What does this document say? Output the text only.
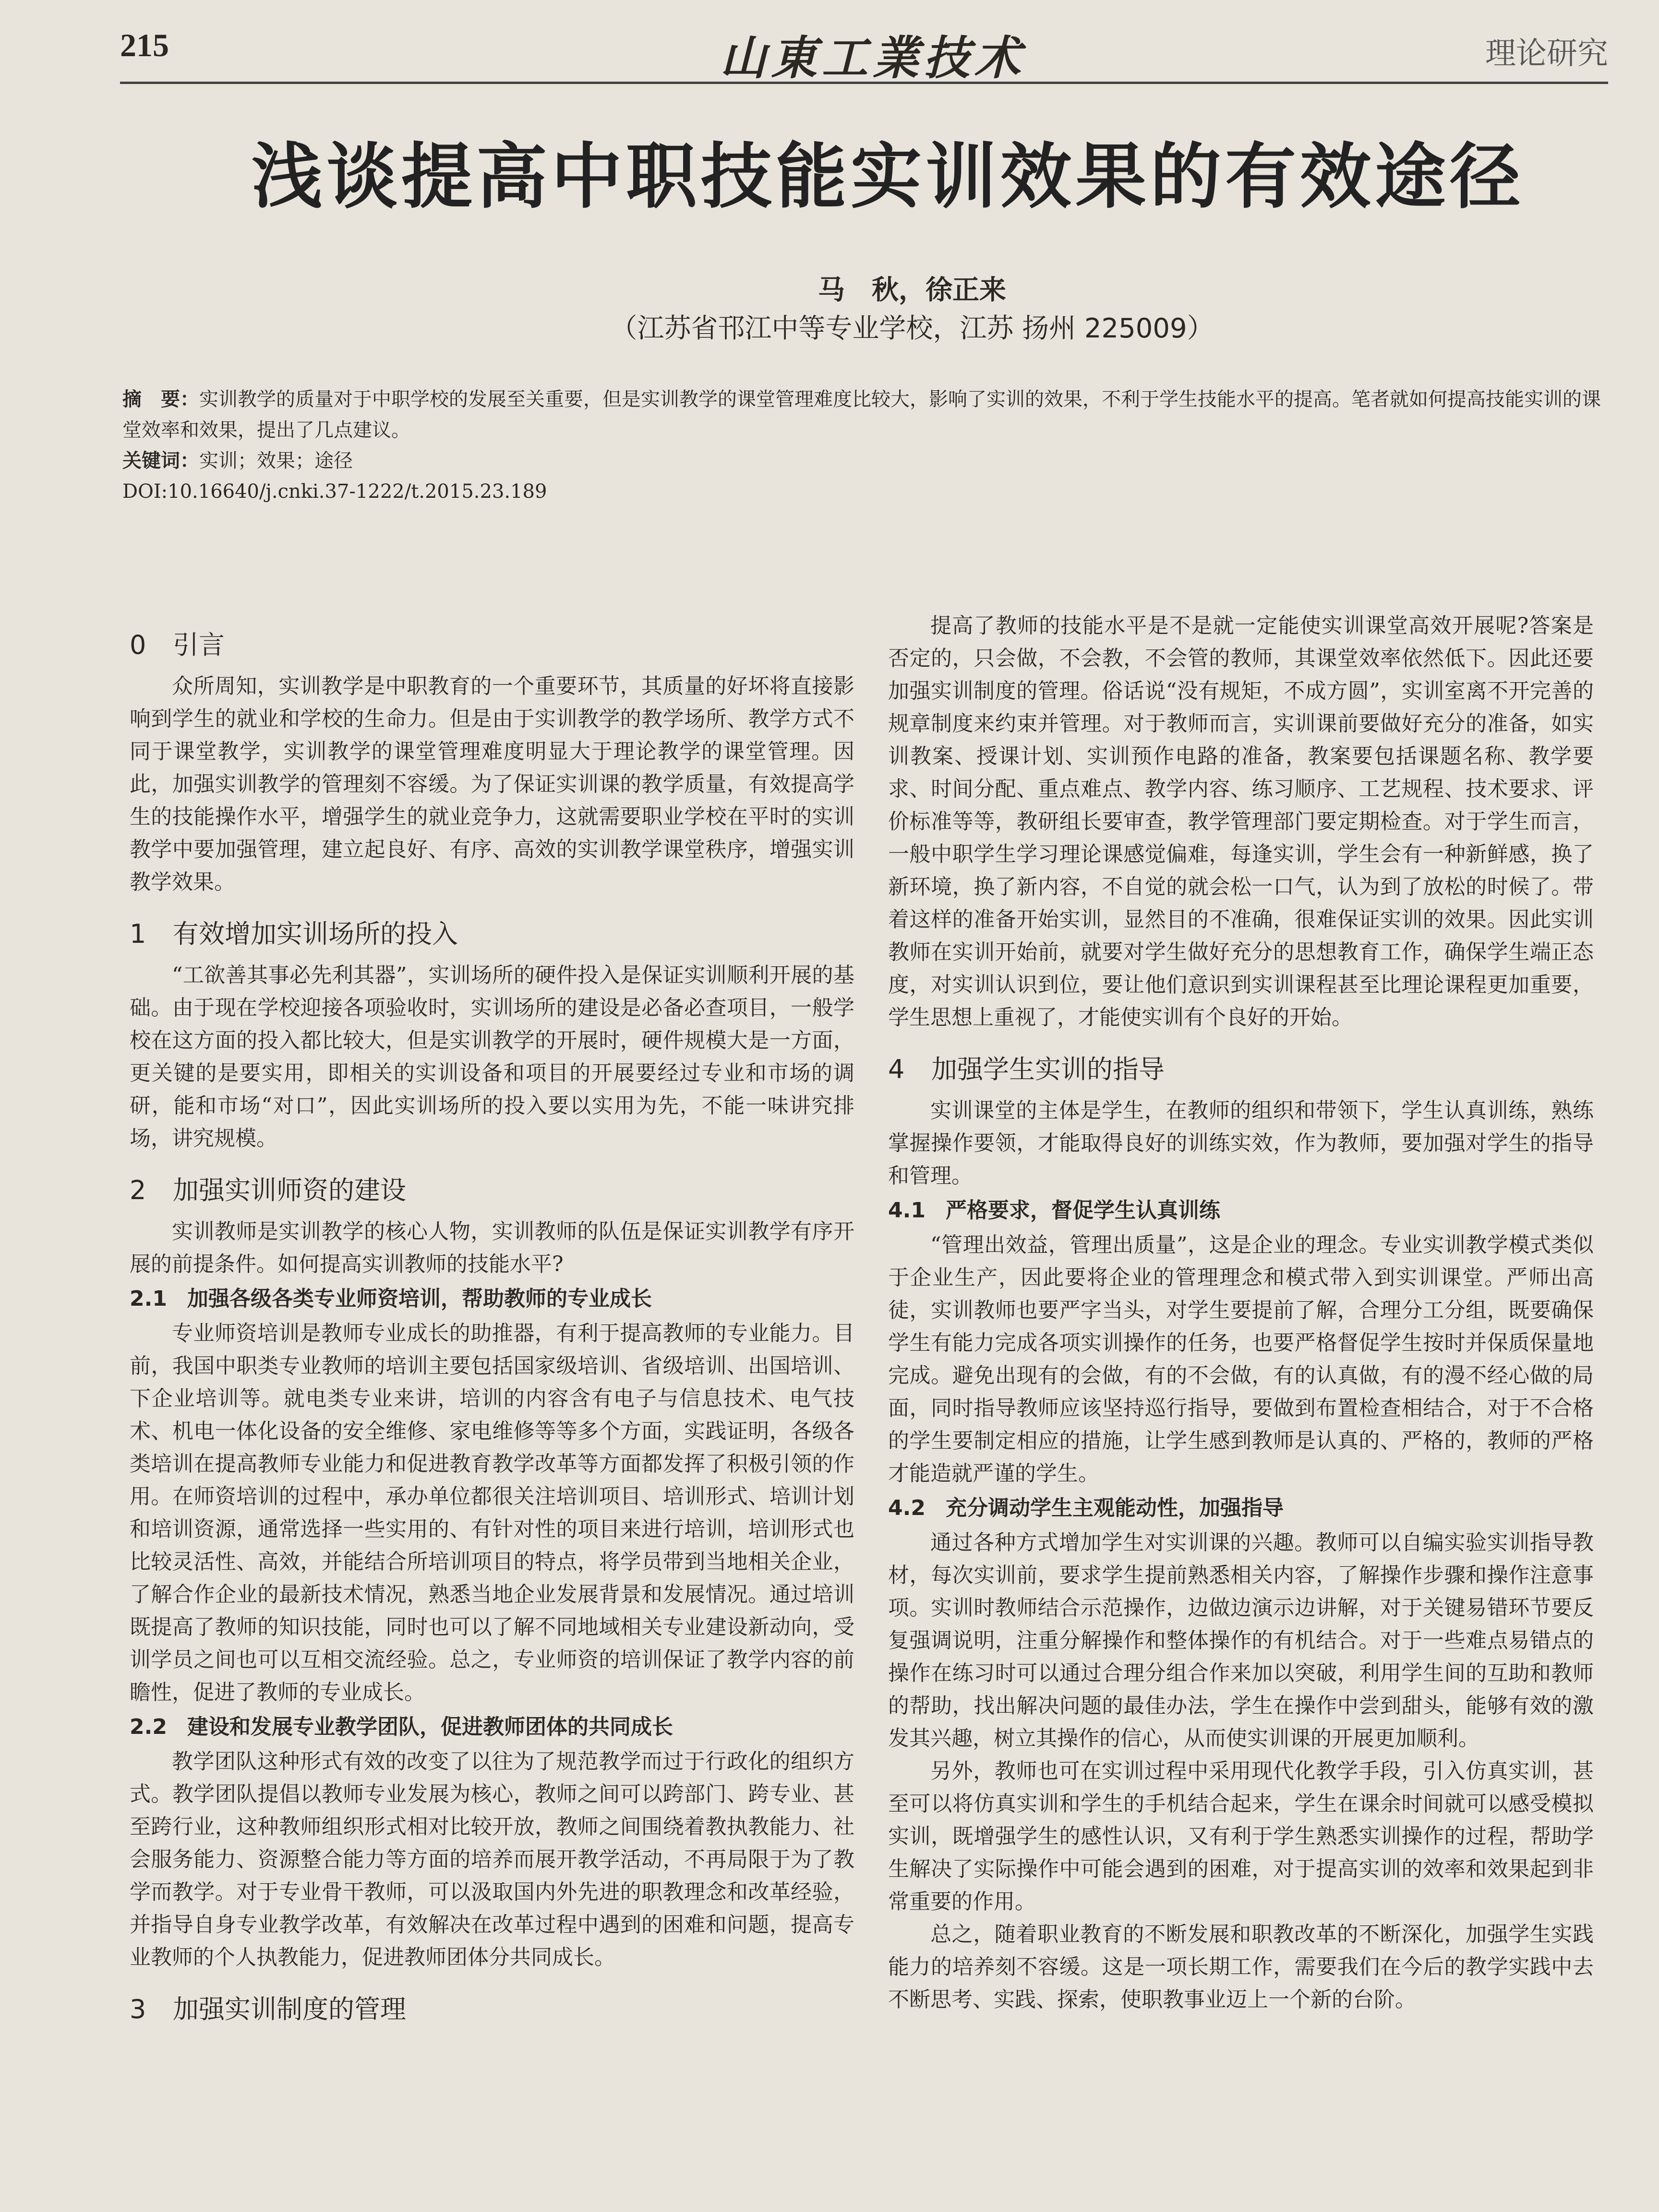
215	山東工業技术	理论研究
浅谈提高中职技能实训效果的有效途径
马　秋，徐正来
（江苏省邗江中等专业学校，江苏 扬州 225009）

摘　要：实训教学的质量对于中职学校的发展至关重要，但是实训教学的课堂管理难度比较大，影响了实训的效果，不利于学生技能水平的提高。笔者就如何提高技能实训的课堂效率和效果，提出了几点建议。

关键词：实训；效果；途径

DOI:10.16640/j.cnki.37-1222/t.2015.23.189

0 引言

众所周知，实训教学是中职教育的一个重要环节，其质量的好坏将直接影响到学生的就业和学校的生命力。但是由于实训教学的教学场所、教学方式不同于课堂教学，实训教学的课堂管理难度明显大于理论教学的课堂管理。因此，加强实训教学的管理刻不容缓。为了保证实训课的教学质量，有效提高学生的技能操作水平，增强学生的就业竞争力，这就需要职业学校在平时的实训教学中要加强管理，建立起良好、有序、高效的实训教学课堂秩序，增强实训教学效果。

1 有效增加实训场所的投入

“工欲善其事必先利其器”，实训场所的硬件投入是保证实训顺利开展的基础。由于现在学校迎接各项验收时，实训场所的建设是必备必查项目，一般学校在这方面的投入都比较大，但是实训教学的开展时，硬件规模大是一方面，更关键的是要实用，即相关的实训设备和项目的开展要经过专业和市场的调研，能和市场“对口”，因此实训场所的投入要以实用为先，不能一味讲究排场，讲究规模。

2 加强实训师资的建设

实训教师是实训教学的核心人物，实训教师的队伍是保证实训教学有序开展的前提条件。如何提高实训教师的技能水平?

2.1 加强各级各类专业师资培训，帮助教师的专业成长

专业师资培训是教师专业成长的助推器，有利于提高教师的专业能力。目前，我国中职类专业教师的培训主要包括国家级培训、省级培训、出国培训、下企业培训等。就电类专业来讲，培训的内容含有电子与信息技术、电气技术、机电一体化设备的安全维修、家电维修等等多个方面，实践证明，各级各类培训在提高教师专业能力和促进教育教学改革等方面都发挥了积极引领的作用。在师资培训的过程中，承办单位都很关注培训项目、培训形式、培训计划和培训资源，通常选择一些实用的、有针对性的项目来进行培训，培训形式也比较灵活性、高效，并能结合所培训项目的特点，将学员带到当地相关企业，了解合作企业的最新技术情况，熟悉当地企业发展背景和发展情况。通过培训既提高了教师的知识技能，同时也可以了解不同地域相关专业建设新动向，受训学员之间也可以互相交流经验。总之，专业师资的培训保证了教学内容的前瞻性，促进了教师的专业成长。

2.2 建设和发展专业教学团队，促进教师团体的共同成长

教学团队这种形式有效的改变了以往为了规范教学而过于行政化的组织方式。教学团队提倡以教师专业发展为核心，教师之间可以跨部门、跨专业、甚至跨行业，这种教师组织形式相对比较开放，教师之间围绕着教执教能力、社会服务能力、资源整合能力等方面的培养而展开教学活动，不再局限于为了教学而教学。对于专业骨干教师，可以汲取国内外先进的职教理念和改革经验，并指导自身专业教学改革，有效解决在改革过程中遇到的困难和问题，提高专业教师的个人执教能力，促进教师团体分共同成长。

3 加强实训制度的管理

提高了教师的技能水平是不是就一定能使实训课堂高效开展呢?答案是否定的，只会做，不会教，不会管的教师，其课堂效率依然低下。因此还要加强实训制度的管理。俗话说“没有规矩，不成方圆”，实训室离不开完善的规章制度来约束并管理。对于教师而言，实训课前要做好充分的准备，如实训教案、授课计划、实训预作电路的准备，教案要包括课题名称、教学要求、时间分配、重点难点、教学内容、练习顺序、工艺规程、技术要求、评价标准等等，教研组长要审查，教学管理部门要定期检查。对于学生而言，一般中职学生学习理论课感觉偏难，每逢实训，学生会有一种新鲜感，换了新环境，换了新内容，不自觉的就会松一口气，认为到了放松的时候了。带着这样的准备开始实训，显然目的不准确，很难保证实训的效果。因此实训教师在实训开始前，就要对学生做好充分的思想教育工作，确保学生端正态度，对实训认识到位，要让他们意识到实训课程甚至比理论课程更加重要，学生思想上重视了，才能使实训有个良好的开始。

4 加强学生实训的指导

实训课堂的主体是学生，在教师的组织和带领下，学生认真训练，熟练掌握操作要领，才能取得良好的训练实效，作为教师，要加强对学生的指导和管理。

4.1 严格要求，督促学生认真训练

“管理出效益，管理出质量”，这是企业的理念。专业实训教学模式类似于企业生产，因此要将企业的管理理念和模式带入到实训课堂。严师出高徒，实训教师也要严字当头，对学生要提前了解，合理分工分组，既要确保学生有能力完成各项实训操作的任务，也要严格督促学生按时并保质保量地完成。避免出现有的会做，有的不会做，有的认真做，有的漫不经心做的局面，同时指导教师应该坚持巡行指导，要做到布置检查相结合，对于不合格的学生要制定相应的措施，让学生感到教师是认真的、严格的，教师的严格才能造就严谨的学生。

4.2 充分调动学生主观能动性，加强指导

通过各种方式增加学生对实训课的兴趣。教师可以自编实验实训指导教材，每次实训前，要求学生提前熟悉相关内容，了解操作步骤和操作注意事项。实训时教师结合示范操作，边做边演示边讲解，对于关键易错环节要反复强调说明，注重分解操作和整体操作的有机结合。对于一些难点易错点的操作在练习时可以通过合理分组合作来加以突破，利用学生间的互助和教师的帮助，找出解决问题的最佳办法，学生在操作中尝到甜头，能够有效的激发其兴趣，树立其操作的信心，从而使实训课的开展更加顺利。

另外，教师也可在实训过程中采用现代化教学手段，引入仿真实训，甚至可以将仿真实训和学生的手机结合起来，学生在课余时间就可以感受模拟实训，既增强学生的感性认识，又有利于学生熟悉实训操作的过程，帮助学生解决了实际操作中可能会遇到的困难，对于提高实训的效率和效果起到非常重要的作用。

总之，随着职业教育的不断发展和职教改革的不断深化，加强学生实践能力的培养刻不容缓。这是一项长期工作，需要我们在今后的教学实践中去不断思考、实践、探索，使职教事业迈上一个新的台阶。
